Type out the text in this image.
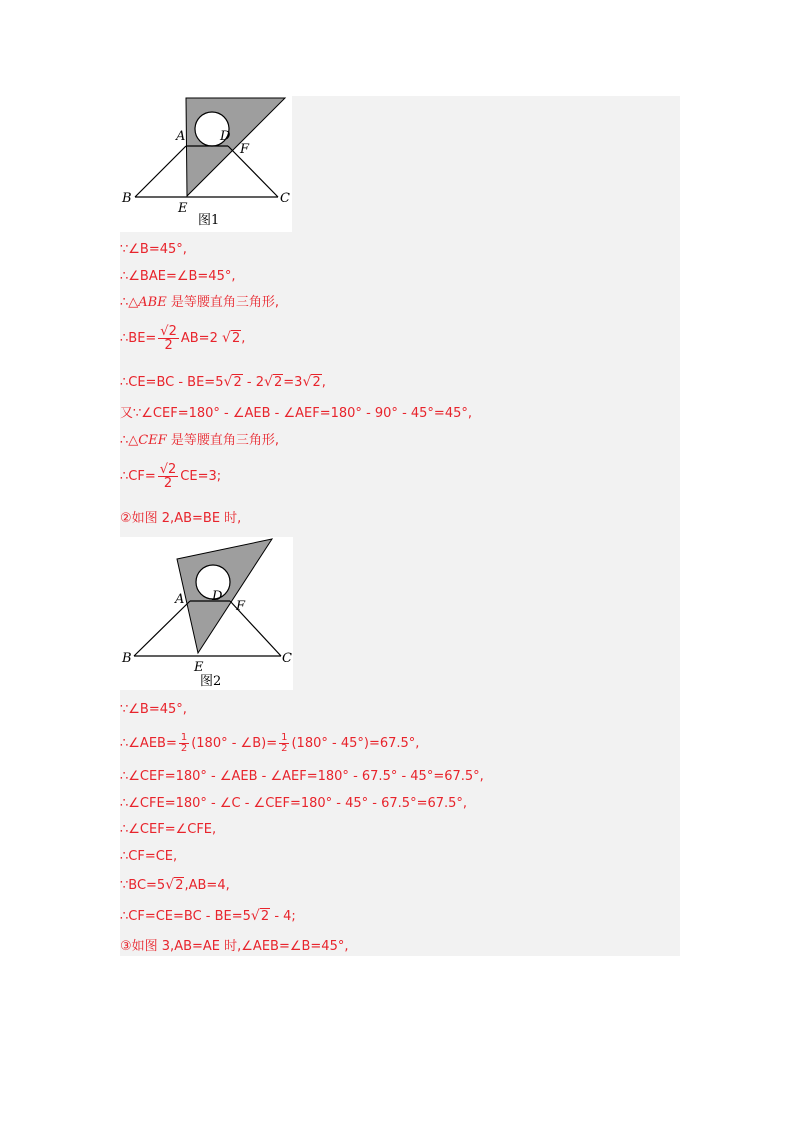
A	D
F
B	C
E
图1
∵∠B=45°,
∴∠BAE=∠B=45°,
∴△ABE 是等腰直角三角形,
∴BE= $\frac{√2}{2} AB=2$ √ 2,
∴CE=BC - BE=5 √ 2 - 2 √ 2=3 √ 2,
又∵∠CEF=180° - ∠AEB - ∠AEF=180° - 90° - 45°=45°,
∴△CEF 是等腰直角三角形,
∴CF= $\frac{√2}{2} CE=3$;
②如图 2,AB=BE 时,
A D
F
B	C
E
图2
∵∠B=45°,
∴∠AEB= $\frac{1}{2} (180^\circ$ - ∠B)= $\frac{1}{2} (180^\circ - 45^\circ)=67.5^\circ$,
∴∠CEF=180° - ∠AEB - ∠AEF=180° - 67.5° - 45°=67.5°,
∴∠CFE=180° - ∠C - ∠CEF=180° - 45° - 67.5°=67.5°,
∴∠CEF=∠CFE,
∴CF=CE,
∵BC=5 √ 2,AB=4,
∴CF=CE=BC - BE=5 √ 2 - 4;
③如图 3,AB=AE 时,∠AEB=∠B=45°,
